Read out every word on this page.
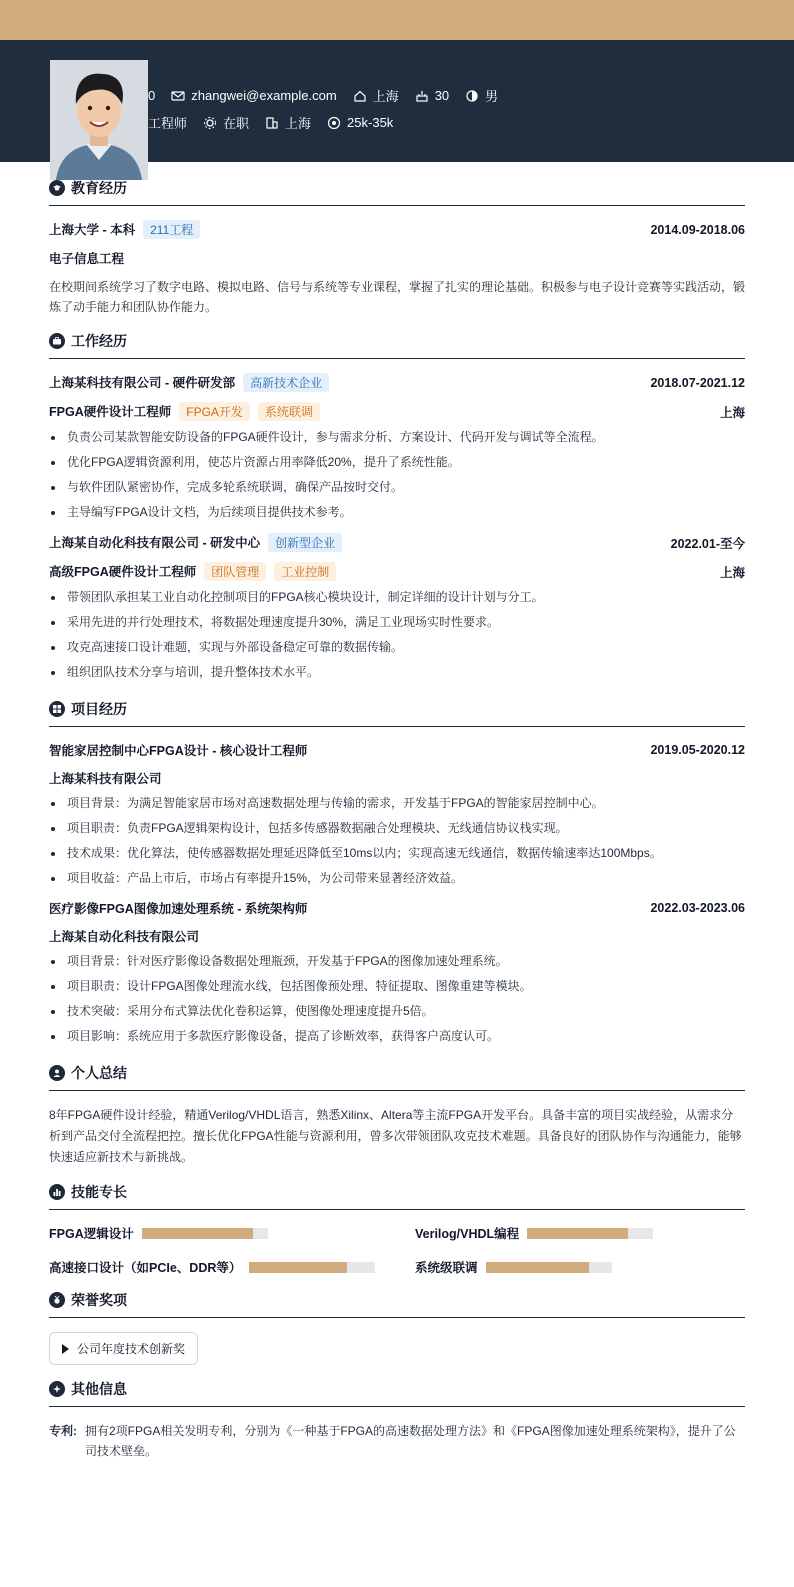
0	zhangwei@example.com	上海	30	男
工程师	在职	上海	25k-35k
教育经历
上海大学 - 本科 211工程	2014.09-2018.06
电子信息工程
在校期间系统学习了数字电路、模拟电路、信号与系统等专业课程，掌握了扎实的理论基础。积极参与电子设计竞赛等实践活动，锻炼了动手能力和团队协作能力。
工作经历
上海某科技有限公司 - 硬件研发部 高新技术企业	2018.07-2021.12
FPGA硬件设计工程师 FPGA开发 系统联调	上海
负责公司某款智能安防设备的FPGA硬件设计，参与需求分析、方案设计、代码开发与调试等全流程。
优化FPGA逻辑资源利用，使芯片资源占用率降低20%，提升了系统性能。
与软件团队紧密协作，完成多轮系统联调，确保产品按时交付。
主导编写FPGA设计文档，为后续项目提供技术参考。
上海某自动化科技有限公司 - 研发中心 创新型企业	2022.01-至今
高级FPGA硬件设计工程师 团队管理 工业控制	上海
带领团队承担某工业自动化控制项目的FPGA核心模块设计，制定详细的设计计划与分工。
采用先进的并行处理技术，将数据处理速度提升30%，满足工业现场实时性要求。
攻克高速接口设计难题，实现与外部设备稳定可靠的数据传输。
组织团队技术分享与培训，提升整体技术水平。
项目经历
智能家居控制中心FPGA设计 - 核心设计工程师	2019.05-2020.12
上海某科技有限公司
项目背景：为满足智能家居市场对高速数据处理与传输的需求，开发基于FPGA的智能家居控制中心。
项目职责：负责FPGA逻辑架构设计，包括多传感器数据融合处理模块、无线通信协议栈实现。
技术成果：优化算法，使传感器数据处理延迟降低至10ms以内；实现高速无线通信，数据传输速率达100Mbps。
项目收益：产品上市后，市场占有率提升15%，为公司带来显著经济效益。
医疗影像FPGA图像加速处理系统 - 系统架构师	2022.03-2023.06
上海某自动化科技有限公司
项目背景：针对医疗影像设备数据处理瓶颈，开发基于FPGA的图像加速处理系统。
项目职责：设计FPGA图像处理流水线，包括图像预处理、特征提取、图像重建等模块。
技术突破：采用分布式算法优化卷积运算，使图像处理速度提升5倍。
项目影响：系统应用于多款医疗影像设备，提高了诊断效率，获得客户高度认可。
个人总结
8年FPGA硬件设计经验，精通Verilog/VHDL语言，熟悉Xilinx、Altera等主流FPGA开发平台。具备丰富的项目实战经验，从需求分析到产品交付全流程把控。擅长优化FPGA性能与资源利用，曾多次带领团队攻克技术难题。具备良好的团队协作与沟通能力，能够快速适应新技术与新挑战。
技能专长
FPGA逻辑设计	Verilog/VHDL编程
高速接口设计（如PCIe、DDR等）	系统级联调
荣誉奖项
公司年度技术创新奖
其他信息
专利: 拥有2项FPGA相关发明专利，分别为《一种基于FPGA的高速数据处理方法》和《FPGA图像加速处理系统架构》，提升了公司技术壁垒。
